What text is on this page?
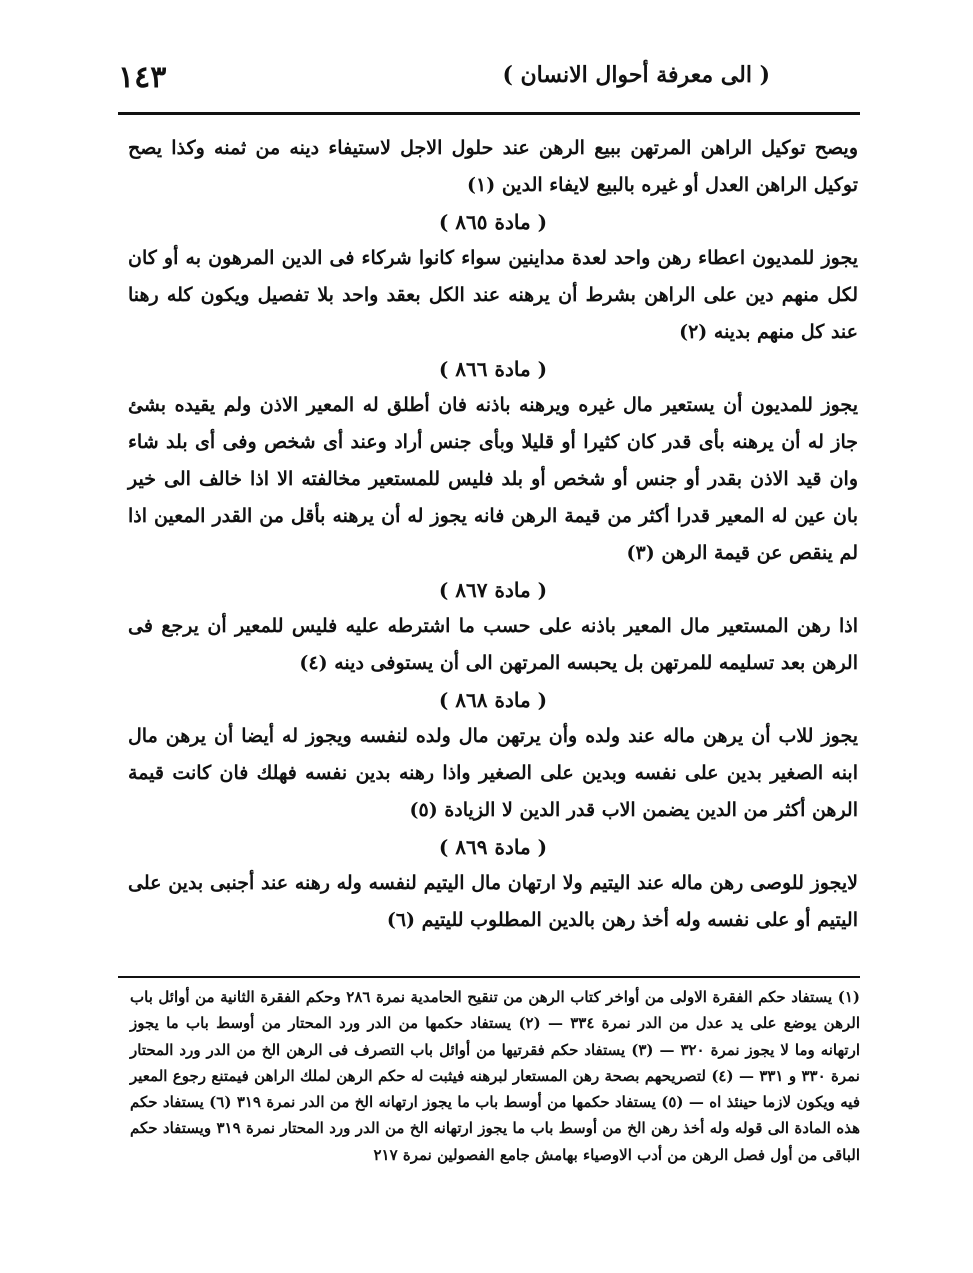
( الى معرفة أحوال الانسان )
١٤٣

ويصح توكيل الراهن المرتهن ببيع الرهن عند حلول الاجل لاستيفاء دينه من ثمنه وكذا يصح توكيل الراهن العدل أو غيره بالبيع لايفاء الدين (١)

( مادة ٨٦٥ )

يجوز للمديون اعطاء رهن واحد لعدة مداينين سواء كانوا شركاء فى الدين المرهون به أو كان لكل منهم دين على الراهن بشرط أن يرهنه عند الكل بعقد واحد بلا تفصيل ويكون كله رهنا عند كل منهم بدينه (٢)

( مادة ٨٦٦ )

يجوز للمديون أن يستعير مال غيره ويرهنه باذنه فان أطلق له المعير الاذن ولم يقيده بشئ جاز له أن يرهنه بأى قدر كان كثيرا أو قليلا وبأى جنس أراد وعند أى شخص وفى أى بلد شاء وان قيد الاذن بقدر أو جنس أو شخص أو بلد فليس للمستعير مخالفته الا اذا خالف الى خير بان عين له المعير قدرا أكثر من قيمة الرهن فانه يجوز له أن يرهنه بأقل من القدر المعين اذا لم ينقص عن قيمة الرهن (٣)

( مادة ٨٦٧ )

اذا رهن المستعير مال المعير باذنه على حسب ما اشترطه عليه فليس للمعير أن يرجع فى الرهن بعد تسليمه للمرتهن بل يحبسه المرتهن الى أن يستوفى دينه (٤)

( مادة ٨٦٨ )

يجوز للاب أن يرهن ماله عند ولده وأن يرتهن مال ولده لنفسه ويجوز له أيضا أن يرهن مال ابنه الصغير بدين على نفسه وبدين على الصغير واذا رهنه بدين نفسه فهلك فان كانت قيمة الرهن أكثر من الدين يضمن الاب قدر الدين لا الزيادة (٥)

( مادة ٨٦٩ )

لايجوز للوصى رهن ماله عند اليتيم ولا ارتهان مال اليتيم لنفسه وله رهنه عند أجنبى بدين على اليتيم أو على نفسه وله أخذ رهن بالدين المطلوب لليتيم (٦)

(١) يستفاد حكم الفقرة الاولى من أواخر كتاب الرهن من تنقيح الحامدية نمرة ٢٨٦ وحكم الفقرة الثانية من أوائل باب الرهن يوضع على يد عدل من الدر نمرة ٣٣٤ — (٢) يستفاد حكمها من الدر ورد المحتار من أوسط باب ما يجوز ارتهانه وما لا يجوز نمرة ٣٢٠ — (٣) يستفاد حكم فقرتيها من أوائل باب التصرف فى الرهن الخ من الدر ورد المحتار نمرة ٣٣٠ و ٣٣١ — (٤) لتصريحهم بصحة رهن المستعار لبرهنه فيثبت له حكم الرهن لملك الراهن فيمتنع رجوع المعير فيه ويكون لازما حينئذ اه — (٥) يستفاد حكمها من أوسط باب ما يجوز ارتهانه الخ من الدر نمرة ٣١٩ (٦) يستفاد حكم هذه المادة الى قوله وله أخذ رهن الخ من أوسط باب ما يجوز ارتهانه الخ من الدر ورد المحتار نمرة ٣١٩ ويستفاد حكم الباقى من أول فصل الرهن من أدب الاوصياء بهامش جامع الفصولين نمرة ٢١٧
